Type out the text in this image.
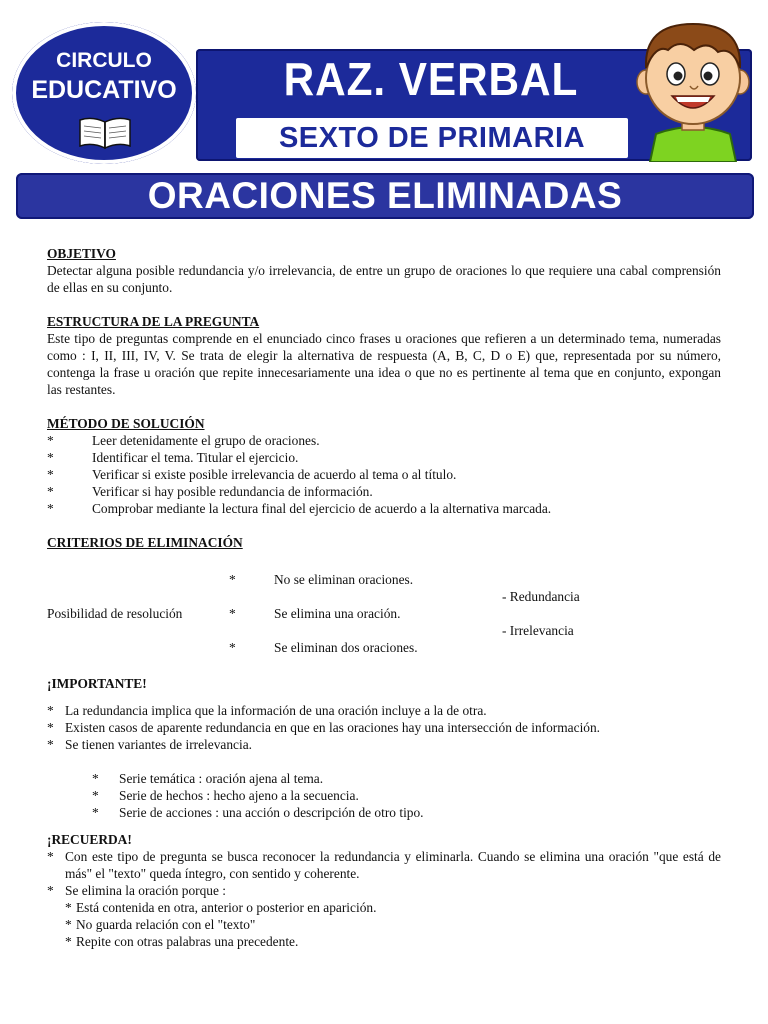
RAZ. VERBAL
SEXTO DE PRIMARIA
CIRCULO
EDUCATIVO
ORACIONES ELIMINADAS

OBJETIVO

Detectar alguna posible redundancia y/o irrelevancia, de entre un grupo de oraciones lo que requiere una cabal comprensión de ellas en su conjunto.

ESTRUCTURA DE LA PREGUNTA

Este tipo de preguntas comprende en el enunciado cinco frases u oraciones que refieren a un determinado tema, numeradas como : I, II, III, IV, V. Se trata de elegir la alternativa de respuesta (A, B, C, D o E) que, representada por su número, contenga la frase u oración que repite innecesariamente una idea o que no es pertinente al tema que en conjunto, expongan las restantes.

MÉTODO DE SOLUCIÓN

*	Leer detenidamente el grupo de oraciones.
*	Identificar el tema. Titular el ejercicio.
*	Verificar si existe posible irrelevancia de acuerdo al tema o al título.
*	Verificar si hay posible redundancia de información.
*	Comprobar mediante la lectura final del ejercicio de acuerdo a la alternativa marcada.

CRITERIOS DE ELIMINACIÓN

*	No se eliminan oraciones.
- Redundancia
Posibilidad de resolución	*	Se elimina una oración.
- Irrelevancia
*	Se eliminan dos oraciones.

¡IMPORTANTE!

* La redundancia implica que la información de una oración incluye a la de otra.
* Existen casos de aparente redundancia en que en las oraciones hay una intersección de información.
* Se tienen variantes de irrelevancia.
*	Serie temática : oración ajena al tema.
*	Serie de hechos : hecho ajeno a la secuencia.
*	Serie de acciones : una acción o descripción de otro tipo.

¡RECUERDA!

* Con este tipo de pregunta se busca reconocer la redundancia y eliminarla. Cuando se elimina una oración "que está de más" el "texto" queda íntegro, con sentido y coherente.
* Se elimina la oración porque :
* Está contenida en otra, anterior o posterior en aparición.
* No guarda relación con el "texto"
* Repite con otras palabras una precedente.
